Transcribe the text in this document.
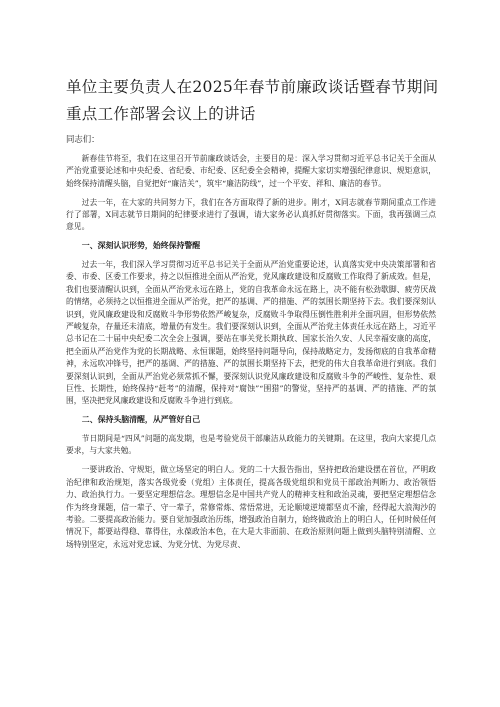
单位主要负责人在2025年春节前廉政谈话暨春节期间重点工作部署会议上的讲话
同志们：

新春佳节将至，我们在这里召开节前廉政谈话会，主要目的是：深入学习贯彻习近平总书记关于全面从严治党重要论述和中央纪委、省纪委、市纪委、区纪委全会精神，提醒大家切实增强纪律意识、规矩意识，始终保持清醒头脑，自觉把好“廉洁关”，筑牢“廉洁防线”，过一个平安、祥和、廉洁的春节。

过去一年，在大家的共同努力下，我们在各方面取得了新的进步。刚才，X同志就春节期间重点工作进行了部署，X同志就节日期间的纪律要求进行了强调，请大家务必认真抓好贯彻落实。下面，我再强调三点意见。

一、深刻认识形势，始终保持警醒

过去一年，我们深入学习贯彻习近平总书记关于全面从严治党重要论述，认真落实党中央决策部署和省委、市委、区委工作要求，持之以恒推进全面从严治党，党风廉政建设和反腐败工作取得了新成效。但是，我们也要清醒认识到，全面从严治党永远在路上，党的自我革命永远在路上，决不能有松劲歇脚、疲劳厌战的情绪，必须持之以恒推进全面从严治党，把严的基调、严的措施、严的氛围长期坚持下去。我们要深刻认识到，党风廉政建设和反腐败斗争形势依然严峻复杂，反腐败斗争取得压倒性胜利并全面巩固，但形势依然严峻复杂，存量还未清底，增量仍有发生。我们要深刻认识到，全面从严治党主体责任永远在路上，习近平总书记在二十届中央纪委二次全会上强调，要站在事关党长期执政、国家长治久安、人民幸福安康的高度，把全面从严治党作为党的长期战略、永恒课题，始终坚持问题导向，保持战略定力，发扬彻底的自我革命精神，永远吹冲锋号，把严的基调、严的措施、严的氛围长期坚持下去，把党的伟大自我革命进行到底。我们要深刻认识到，全面从严治党必须常抓不懈，要深刻认识党风廉政建设和反腐败斗争的严峻性、复杂性、艰巨性、长期性，始终保持“赶考”的清醒，保持对“腐蚀”“围猎”的警觉，坚持严的基调、严的措施、严的氛围，坚决把党风廉政建设和反腐败斗争进行到底。

二、保持头脑清醒，从严管好自己

节日期间是“四风”问题的高发期，也是考验党员干部廉洁从政能力的关键期。在这里，我向大家提几点要求，与大家共勉。

一要讲政治、守规矩，做立场坚定的明白人。党的二十大报告指出，坚持把政治建设摆在首位，严明政治纪律和政治规矩，落实各级党委（党组）主体责任，提高各级党组织和党员干部政治判断力、政治领悟力、政治执行力。一要坚定理想信念。理想信念是中国共产党人的精神支柱和政治灵魂，要把坚定理想信念作为终身课题，信一辈子、守一辈子，常修常炼、常悟常进，无论顺境逆境都坚贞不渝，经得起大浪淘沙的考验。二要提高政治能力。要自觉加强政治历练，增强政治自制力，始终做政治上的明白人，任何时候任何情况下，都要站得稳、靠得住，永葆政治本色，在大是大非面前、在政治原则问题上做到头脑特别清醒、立场特别坚定，永远对党忠诚、为党分忧、为党尽责、
